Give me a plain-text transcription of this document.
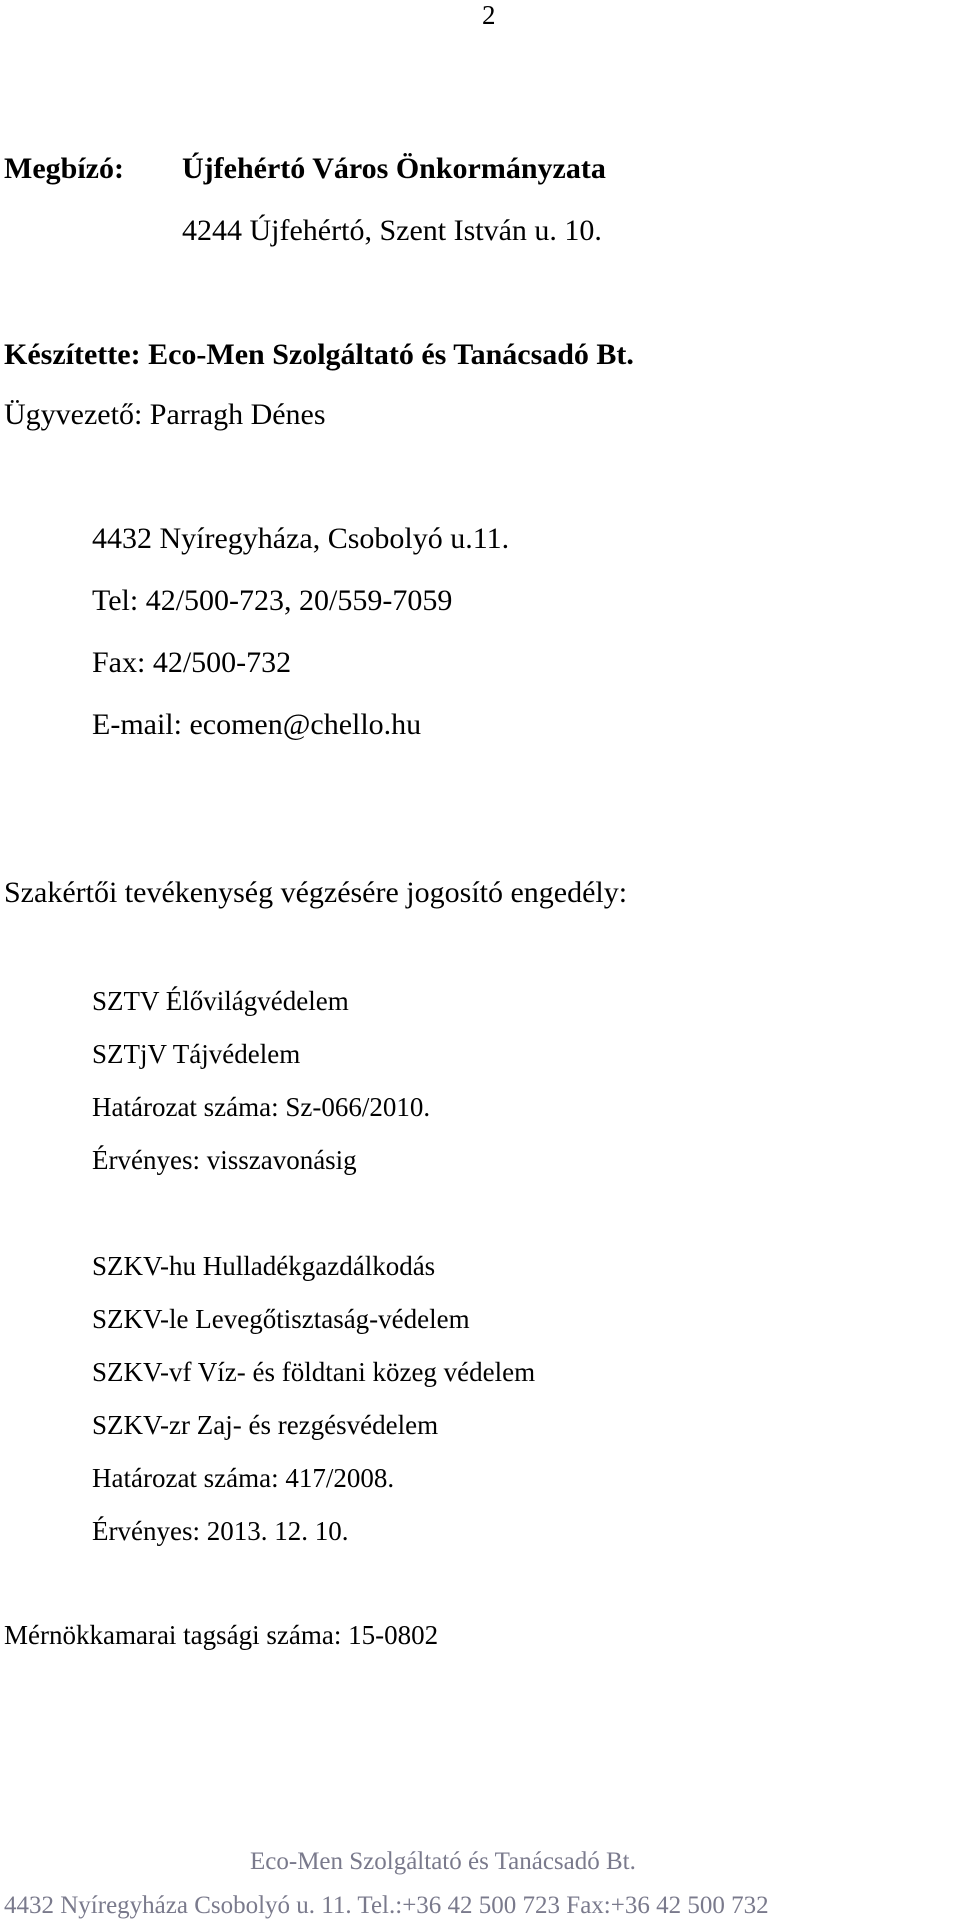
2
Megbízó: Újfehértó Város Önkormányzata
4244 Újfehértó, Szent István u. 10.
Készítette: Eco-Men Szolgáltató és Tanácsadó Bt.
Ügyvezető: Parragh Dénes
4432 Nyíregyháza, Csobolyó u.11.
Tel: 42/500-723, 20/559-7059
Fax: 42/500-732
E-mail: ecomen@chello.hu
Szakértői tevékenység végzésére jogosító engedély:
SZTV Élővilágvédelem
SZTjV Tájvédelem
Határozat száma: Sz-066/2010.
Érvényes: visszavonásig
SZKV-hu Hulladékgazdálkodás
SZKV-le Levegőtisztaság-védelem
SZKV-vf Víz- és földtani közeg védelem
SZKV-zr Zaj- és rezgésvédelem
Határozat száma: 417/2008.
Érvényes: 2013. 12. 10.
Mérnökkamarai tagsági száma: 15-0802
Eco-Men Szolgáltató és Tanácsadó Bt.
4432 Nyíregyháza Csobolyó u. 11. Tel.:+36 42 500 723 Fax:+36 42 500 732
